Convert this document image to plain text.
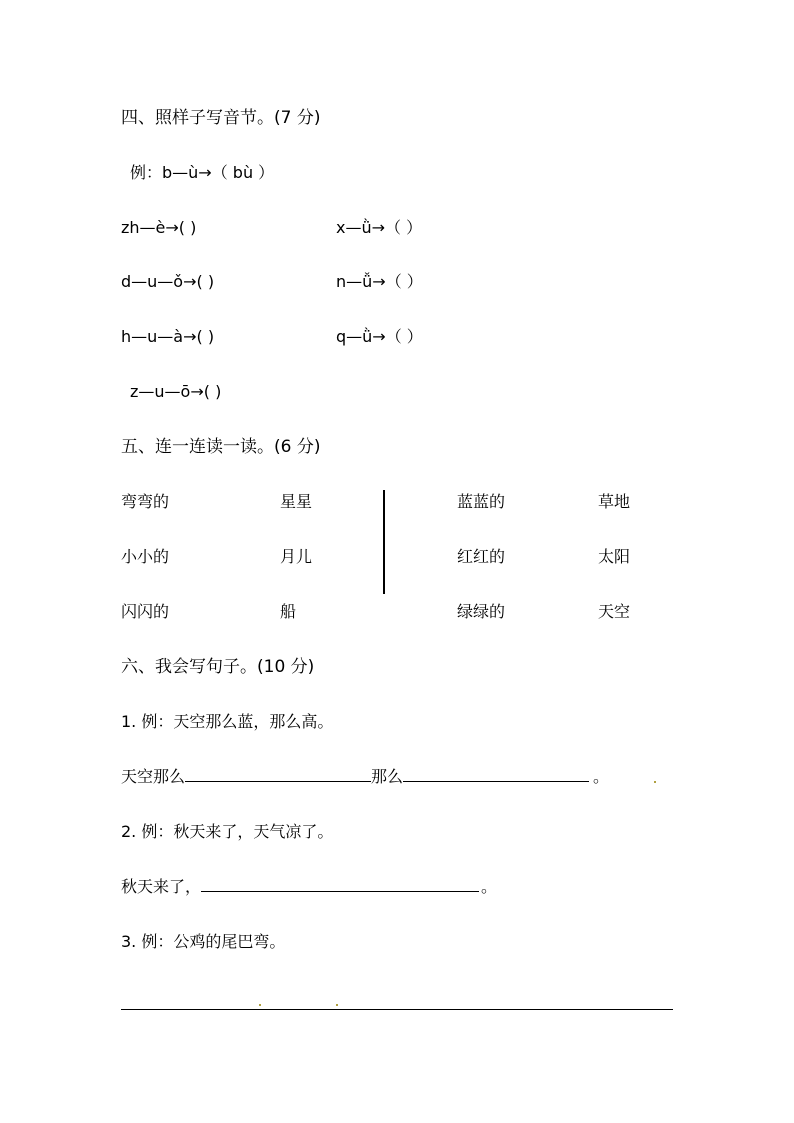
四、照样子写音节。(7 分)
例：b—ù→（ bù ）
zh—è→( )	x—ǜ→（ ）
d—u—ǒ→( )	n—ǚ→（ ）
h—u—à→( )	q—ǜ→（ ）
z—u—ō→( )
五、连一连读一读。(6 分)
弯弯的	星星	蓝蓝的	草地
小小的	月儿	红红的	太阳
闪闪的	船	绿绿的	天空
六、我会写句子。(10 分)
1. 例：天空那么蓝，那么高。
天空那么	那么	。
2. 例：秋天来了，天气凉了。
秋天来了，	。
3. 例：公鸡的尾巴弯。
